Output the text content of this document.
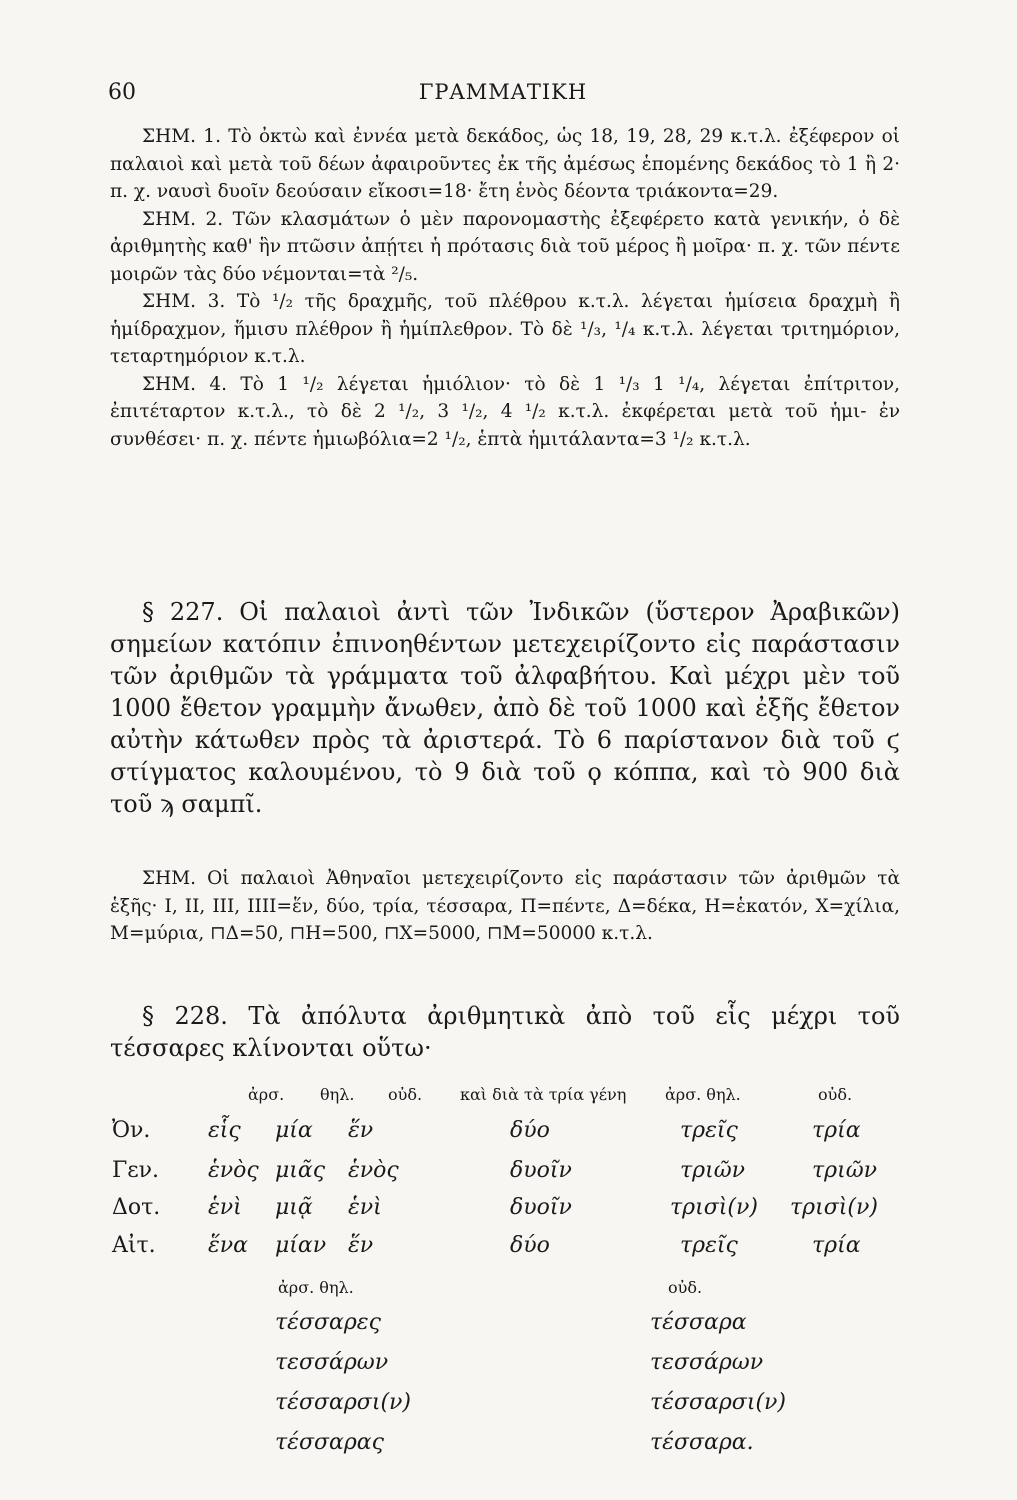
60	ΓΡΑΜΜΑΤΙΚΗ

ΣΗΜ. 1. Τὸ ὀκτὼ καὶ ἐννέα μετὰ δεκάδος, ὡς 18, 19, 28, 29 κ.τ.λ. ἐξέφερον οἱ παλαιοὶ καὶ μετὰ τοῦ δέων ἀφαιροῦντες ἐκ τῆς ἀμέσως ἑπομένης δεκάδος τὸ 1 ἢ 2· π. χ. ναυσὶ δυοῖν δεούσαιν εἴκοσι=18· ἔτη ἑνὸς δέοντα τριάκοντα=29.

ΣΗΜ. 2. Τῶν κλασμάτων ὁ μὲν παρονομαστὴς ἐξεφέρετο κατὰ γενικήν, ὁ δὲ ἀριθμητὴς καθ' ἣν πτῶσιν ἀπῄτει ἡ πρότασις διὰ τοῦ μέρος ἢ μοῖρα· π. χ. τῶν πέντε μοιρῶν τὰς δύο νέμονται=τὰ ²/₅.

ΣΗΜ. 3. Τὸ ¹/₂ τῆς δραχμῆς, τοῦ πλέθρου κ.τ.λ. λέγεται ἡμίσεια δραχμὴ ἢ ἡμίδραχμον, ἥμισυ πλέθρον ἢ ἡμίπλεθρον. Τὸ δὲ ¹/₃, ¹/₄ κ.τ.λ. λέγεται τριτημόριον, τεταρτημόριον κ.τ.λ.

ΣΗΜ. 4. Τὸ 1 ¹/₂ λέγεται ἡμιόλιον· τὸ δὲ 1 ¹/₃ 1 ¹/₄, λέγεται ἐπίτριτον, ἐπιτέταρτον κ.τ.λ., τὸ δὲ 2 ¹/₂, 3 ¹/₂, 4 ¹/₂ κ.τ.λ. ἐκφέρεται μετὰ τοῦ ἡμι- ἐν συνθέσει· π. χ. πέντε ἡμιωβόλια=2 ¹/₂, ἑπτὰ ἡμιτάλαντα=3 ¹/₂ κ.τ.λ.

§ 227. Οἱ παλαιοὶ ἀντὶ τῶν Ἰνδικῶν (ὕστερον Ἀραβικῶν) σημείων κατόπιν ἐπινοηθέντων μετεχειρίζοντο εἰς παράστασιν τῶν ἀριθμῶν τὰ γράμματα τοῦ ἀλφαβήτου. Καὶ μέχρι μὲν τοῦ 1000 ἔθετον γραμμὴν ἄνωθεν, ἀπὸ δὲ τοῦ 1000 καὶ ἐξῆς ἔθετον αὐτὴν κάτωθεν πρὸς τὰ ἀριστερά. Τὸ 6 παρίστανον διὰ τοῦ ϛ στίγματος καλουμένου, τὸ 9 διὰ τοῦ ϙ κόππα, καὶ τὸ 900 διὰ τοῦ ϡ σαμπῖ.

ΣΗΜ. Οἱ παλαιοὶ Ἀθηναῖοι μετεχειρίζοντο εἰς παράστασιν τῶν ἀριθμῶν τὰ ἑξῆς· Ι, ΙΙ, ΙΙΙ, ΙΙΙΙ=ἕν, δύο, τρία, τέσσαρα, Π=πέντε, Δ=δέκα, Η=ἑκατόν, Χ=χίλια, Μ=μύρια, ⊓Δ=50, ⊓Η=500, ⊓Χ=5000, ⊓Μ=50000 κ.τ.λ.

§ 228. Τὰ ἀπόλυτα ἀριθμητικὰ ἀπὸ τοῦ εἷς μέχρι τοῦ τέσσαρες κλίνονται οὕτω·

ἀρσ. θηλ. οὐδ. καὶ διὰ τὰ τρία γένη ἀρσ. θηλ.	οὐδ.
Ὀν.	εἷς μία ἕν	δύο	τρεῖς	τρία
Γεν. ἑνὸς μιᾶς ἑνὸς	δυοῖν	τριῶν	τριῶν
Δοτ. ἑνὶ μιᾷ ἑνὶ	δυοῖν	τρισὶ(ν) τρισὶ(ν)
Αἰτ. ἕνα μίαν ἕν	δύο	τρεῖς	τρία
ἀρσ. θηλ.	οὐδ.
τέσσαρες	τέσσαρα
τεσσάρων	τεσσάρων
τέσσαρσι(ν)	τέσσαρσι(ν)
τέσσαρας	τέσσαρα.
